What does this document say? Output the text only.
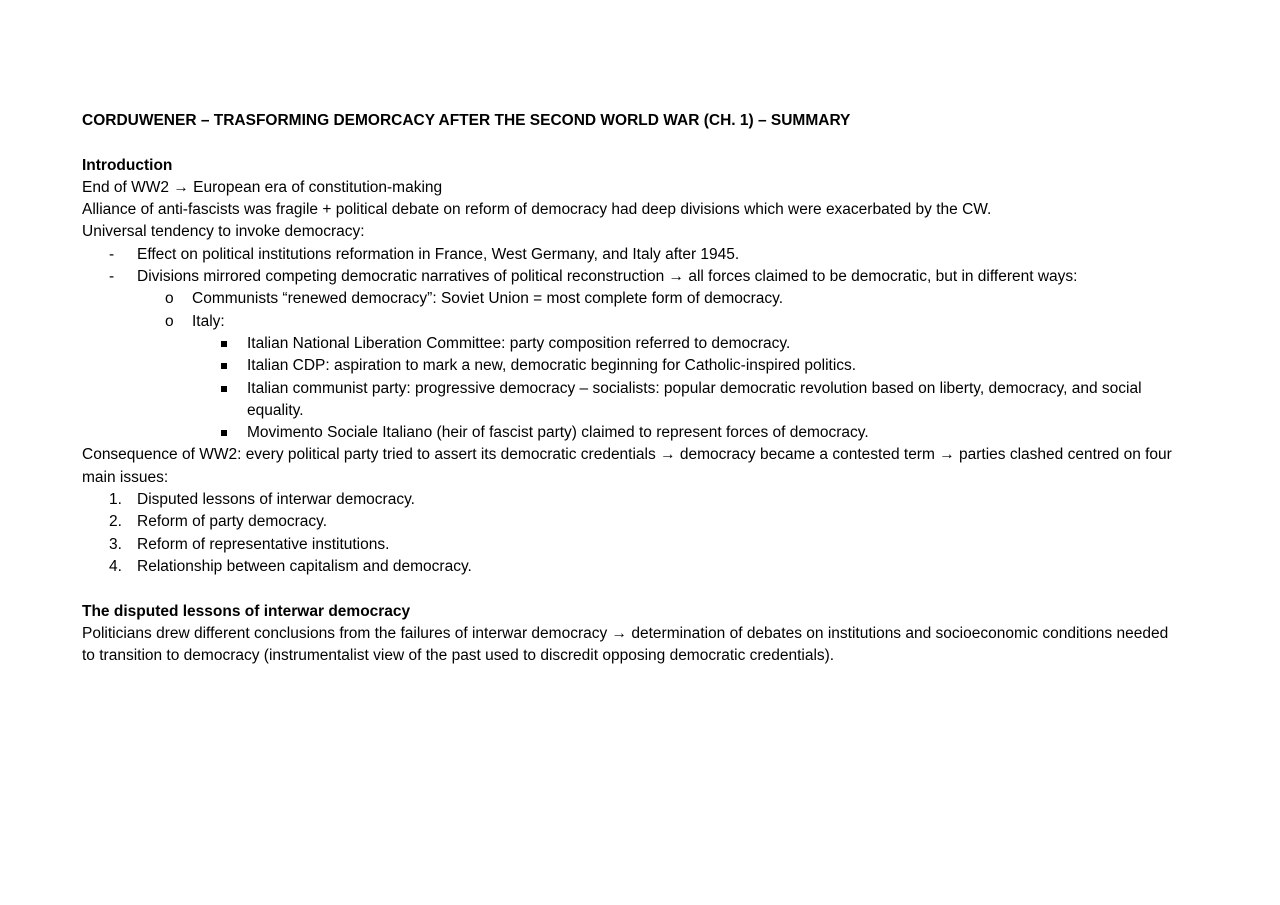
CORDUWENER – TRASFORMING DEMORCACY AFTER THE SECOND WORLD WAR (CH. 1) – SUMMARY
Introduction
End of WW2 → European era of constitution-making
Alliance of anti-fascists was fragile + political debate on reform of democracy had deep divisions which were exacerbated by the CW.
Universal tendency to invoke democracy:
- Effect on political institutions reformation in France, West Germany, and Italy after 1945.
- Divisions mirrored competing democratic narratives of political reconstruction → all forces claimed to be democratic, but in different ways:
o Communists “renewed democracy”: Soviet Union = most complete form of democracy.
o Italy:
Italian National Liberation Committee: party composition referred to democracy.
Italian CDP: aspiration to mark a new, democratic beginning for Catholic-inspired politics.
Italian communist party: progressive democracy – socialists: popular democratic revolution based on liberty, democracy, and social equality.
Movimento Sociale Italiano (heir of fascist party) claimed to represent forces of democracy.
Consequence of WW2: every political party tried to assert its democratic credentials → democracy became a contested term → parties clashed centred on four main issues:
1. Disputed lessons of interwar democracy.
2. Reform of party democracy.
3. Reform of representative institutions.
4. Relationship between capitalism and democracy.
The disputed lessons of interwar democracy
Politicians drew different conclusions from the failures of interwar democracy → determination of debates on institutions and socioeconomic conditions needed to transition to democracy (instrumentalist view of the past used to discredit opposing democratic credentials).
